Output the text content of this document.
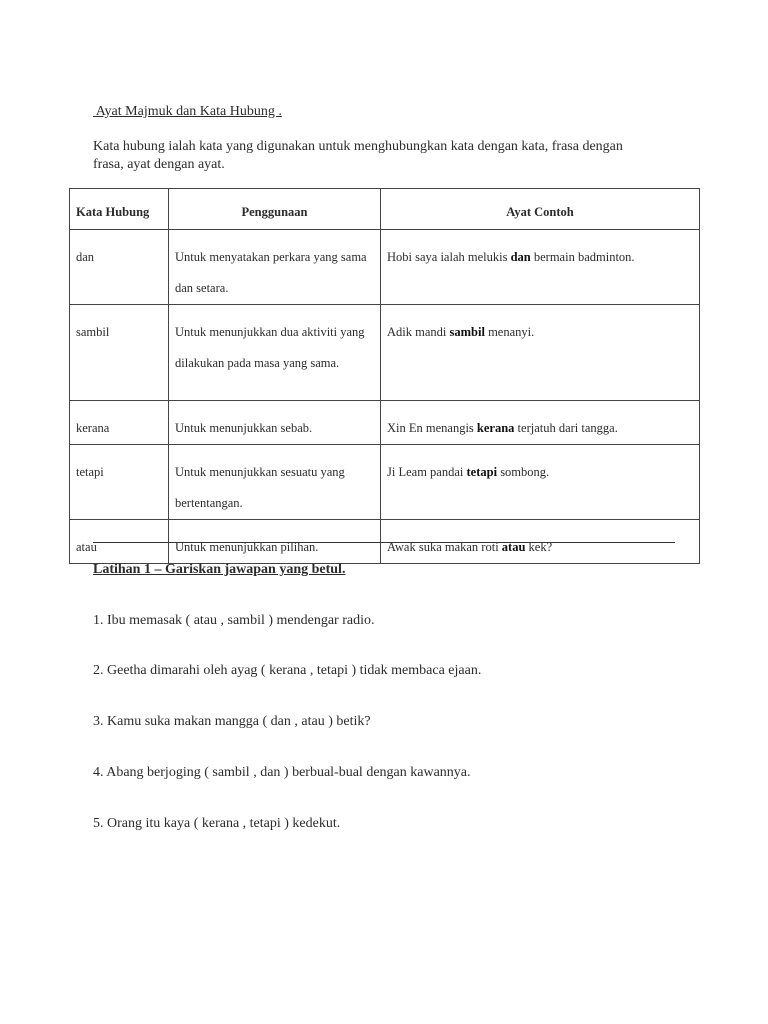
Ayat Majmuk dan Kata Hubung .
Kata hubung ialah kata yang digunakan untuk menghubungkan kata dengan kata, frasa dengan frasa, ayat dengan ayat.
Kata Hubung	Penggunaan	Ayat Contoh
dan	Untuk menyatakan perkara yang sama dan setara.	Hobi saya ialah melukis dan bermain badminton.
sambil	Untuk menunjukkan dua aktiviti yang dilakukan pada masa yang sama.	Adik mandi sambil menanyi.
kerana	Untuk menunjukkan sebab.	Xin En menangis kerana terjatuh dari tangga.
tetapi	Untuk menunjukkan sesuatu yang bertentangan.	Ji Leam pandai tetapi sombong.
atau	Untuk menunjukkan pilihan.	Awak suka makan roti atau kek?
Latihan 1 – Gariskan jawapan yang betul.
1. Ibu memasak ( atau , sambil ) mendengar radio.
2. Geetha dimarahi oleh ayag ( kerana , tetapi ) tidak membaca ejaan.
3. Kamu suka makan mangga ( dan , atau ) betik?
4. Abang berjoging ( sambil , dan ) berbual-bual dengan kawannya.
5. Orang itu kaya ( kerana , tetapi ) kedekut.
